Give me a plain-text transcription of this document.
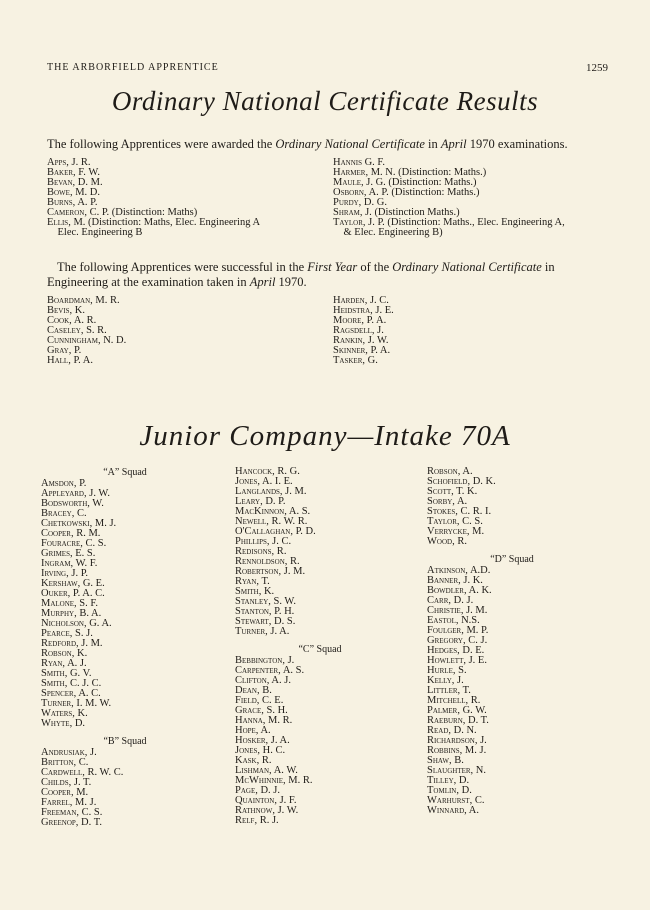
THE ARBORFIELD APPRENTICE	1259
Ordinary National Certificate Results
The following Apprentices were awarded the Ordinary National Certificate in April 1970 examinations.
Apps, J. R.
Baker, F. W.
Bevan, D. M.
Bowe, M. D.
Burns, A. P.
Cameron, C. P. (Distinction: Maths)
Ellis, M. (Distinction: Maths, Elec. Engineering A
Elec. Engineering B
Hannis G. F.
Harmer, M. N. (Distinction: Maths.)
Maule, J. G. (Distinction: Maths.)
Osborn, A. P. (Distinction: Maths.)
Purdy, D. G.
Shram, J. (Distinction Maths.)
Taylor, J. P. (Distinction: Maths., Elec. Engineering A,
& Elec. Engineering B)
The following Apprentices were successful in the First Year of the Ordinary National Certificate in Engineering at the examination taken in April 1970.
Boardman, M. R.
Bevis, K.
Cook, A. R.
Caseley, S. R.
Cunningham, N. D.
Gray, P.
Hall, P. A.
Harden, J. C.
Heidstra, J. E.
Moore, P. A.
Ragsdell, J.
Rankin, J. W.
Skinner, P. A.
Tasker, G.
Junior Company—Intake 70A
“A” Squad
Amsdon, P.
Appleyard, J. W.
Bodsworth, W.
Bracey, C.
Chetkowski, M. J.
Cooper, R. M.
Fouracre, C. S.
Grimes, E. S.
Ingram, W. F.
Irving, J. P.
Kershaw, G. E.
Ouker, P. A. C.
Malone, S. F.
Murphy, B. A.
Nicholson, G. A.
Pearce, S. J.
Redford, J. M.
Robson, K.
Ryan, A. J.
Smith, G. V.
Smith, C. J. C.
Spencer, A. C.
Turner, I. M. W.
Waters, K.
Whyte, D.
“B” Squad
Andrusiak, J.
Britton, C.
Cardwell, R. W. C.
Childs, J. T.
Cooper, M.
Farrel, M. J.
Freeman, C. S.
Greenop, D. T.
Hancock, R. G.
Jones, A. I. E.
Langlands, J. M.
Leary, D. P.
MacKinnon, A. S.
Newell, R. W. R.
O'Callaghan, P. D.
Phillips, J. C.
Redisons, R.
Rennoldson, R.
Robertson, J. M.
Ryan, T.
Smith, K.
Stanley, S. W.
Stanton, P. H.
Stewart, D. S.
Turner, J. A.
“C” Squad
Bebbington, J.
Carpenter, A. S.
Clifton, A. J.
Dean, B.
Field, C. E.
Grace, S. H.
Hanna, M. R.
Hope, A.
Hosker, J. A.
Jones, H. C.
Kask, R.
Lishman, A. W.
McWhinnie, M. R.
Page, D. J.
Quainton, J. F.
Rathnow, J. W.
Relf, R. J.
Robson, A.
Schofield, D. K.
Scott, T. K.
Sorby, A.
Stokes, C. R. I.
Taylor, C. S.
Verrycke, M.
Wood, R.
“D” Squad
Atkinson, A.D.
Banner, J. K.
Bowdler, A. K.
Carr, D. J.
Christie, J. M.
Eastol, N.S.
Foulger, M. P.
Gregory, C. J.
Hedges, D. E.
Howlett, J. E.
Hurle, S.
Kelly, J.
Littler, T.
Mitchell, R.
Palmer, G. W.
Raeburn, D. T.
Read, D. N.
Richardson, J.
Robbins, M. J.
Shaw, B.
Slaughter, N.
Tilley, D.
Tomlin, D.
Warhurst, C.
Winnard, A.
